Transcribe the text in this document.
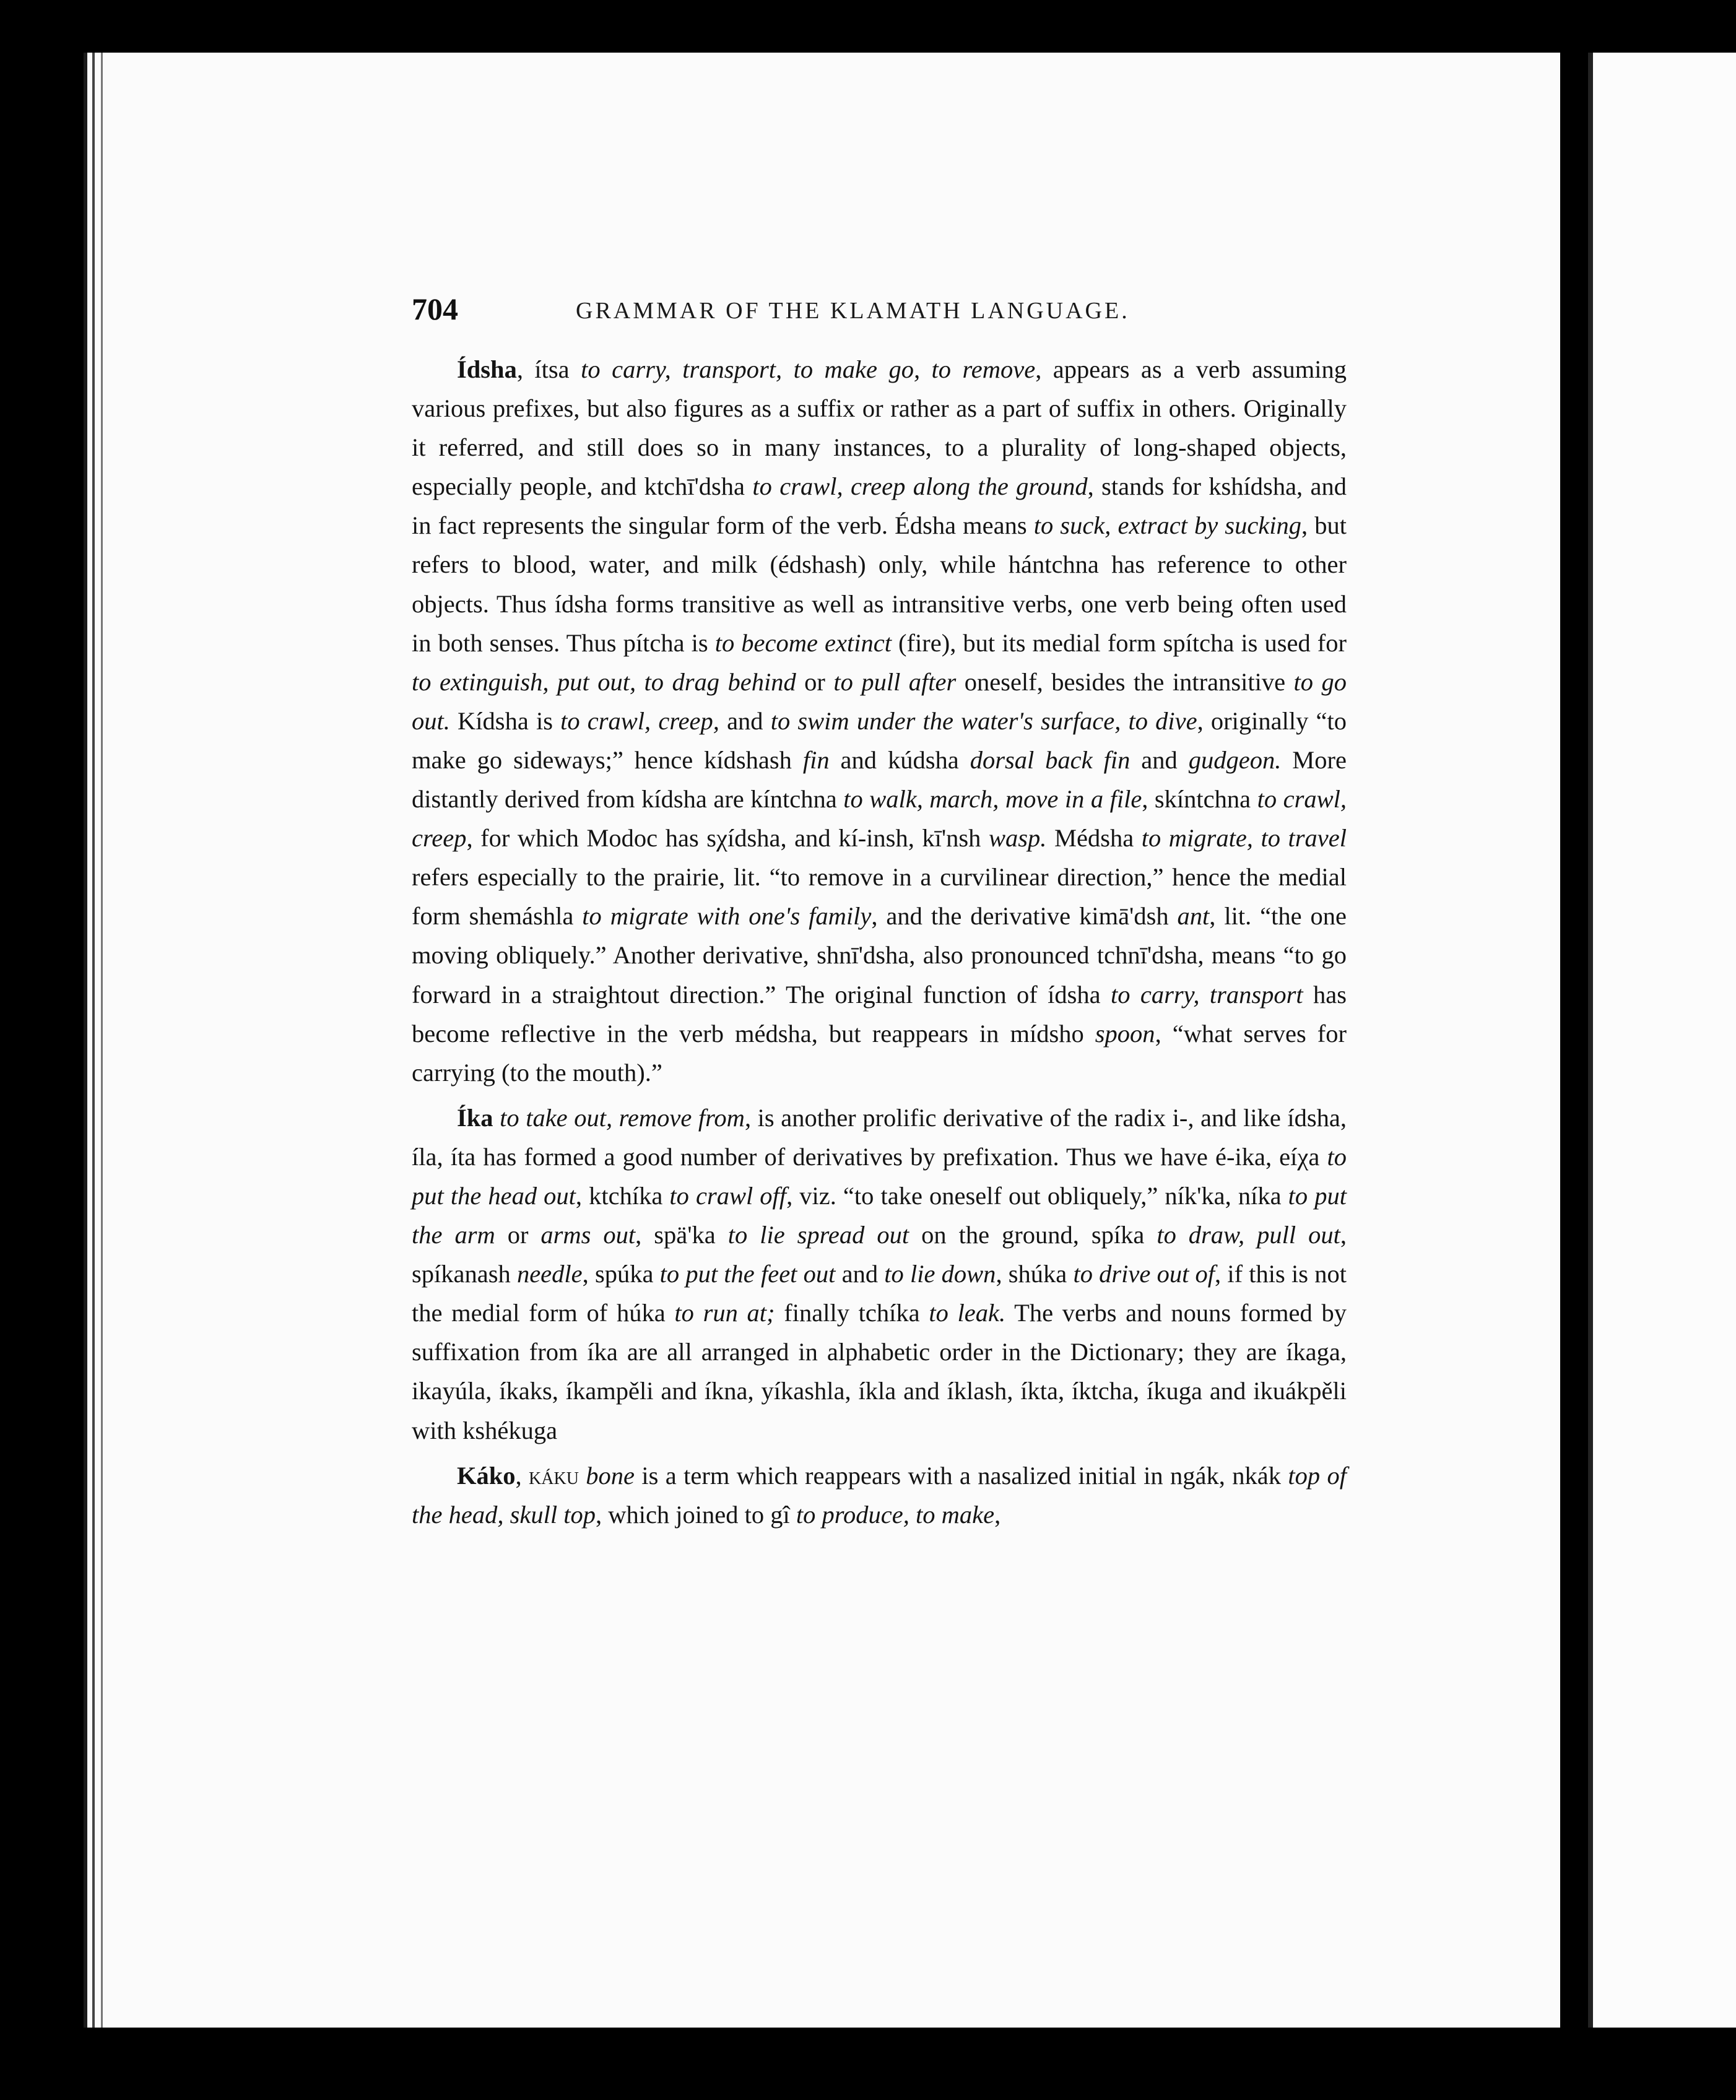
704	GRAMMAR OF THE KLAMATH LANGUAGE.

Ídsha, ítsa to carry, transport, to make go, to remove, appears as a verb assuming various prefixes, but also figures as a suffix or rather as a part of suffix in others. Originally it referred, and still does so in many instances, to a plurality of long-shaped objects, especially people, and ktchī'dsha to crawl, creep along the ground, stands for kshídsha, and in fact represents the singular form of the verb. Édsha means to suck, extract by sucking, but refers to blood, water, and milk (édshash) only, while hántchna has reference to other objects. Thus ídsha forms transitive as well as intransitive verbs, one verb being often used in both senses. Thus pítcha is to become extinct (fire), but its medial form spítcha is used for to extinguish, put out, to drag behind or to pull after oneself, besides the intransitive to go out. Kídsha is to crawl, creep, and to swim under the water's surface, to dive, originally “to make go sideways;” hence kídshash fin and kúdsha dorsal back fin and gudgeon. More distantly derived from kídsha are kíntchna to walk, march, move in a file, skíntchna to crawl, creep, for which Modoc has sχídsha, and kí-insh, kī'nsh wasp. Médsha to migrate, to travel refers especially to the prairie, lit. “to remove in a curvilinear direction,” hence the medial form shemáshla to migrate with one's family, and the derivative kimā'dsh ant, lit. “the one moving obliquely.” Another derivative, shnī'dsha, also pronounced tchnī'dsha, means “to go forward in a straightout direction.” The original function of ídsha to carry, transport has become reflective in the verb médsha, but reappears in mídsho spoon, “what serves for carrying (to the mouth).”

Íka to take out, remove from, is another prolific derivative of the radix i-, and like ídsha, íla, íta has formed a good number of derivatives by prefixation. Thus we have é-ika, eíχa to put the head out, ktchíka to crawl off, viz. “to take oneself out obliquely,” ník'ka, níka to put the arm or arms out, spä'ka to lie spread out on the ground, spíka to draw, pull out, spíkanash needle, spúka to put the feet out and to lie down, shúka to drive out of, if this is not the medial form of húka to run at; finally tchíka to leak. The verbs and nouns formed by suffixation from íka are all arranged in alphabetic order in the Dictionary; they are íkaga, ikayúla, íkaks, íkampěli and íkna, yíkashla, íkla and íklash, íkta, íktcha, íkuga and ikuákpěli with kshékuga

Káko, káku bone is a term which reappears with a nasalized initial in ngák, nkák top of the head, skull top, which joined to gî to produce, to make,
